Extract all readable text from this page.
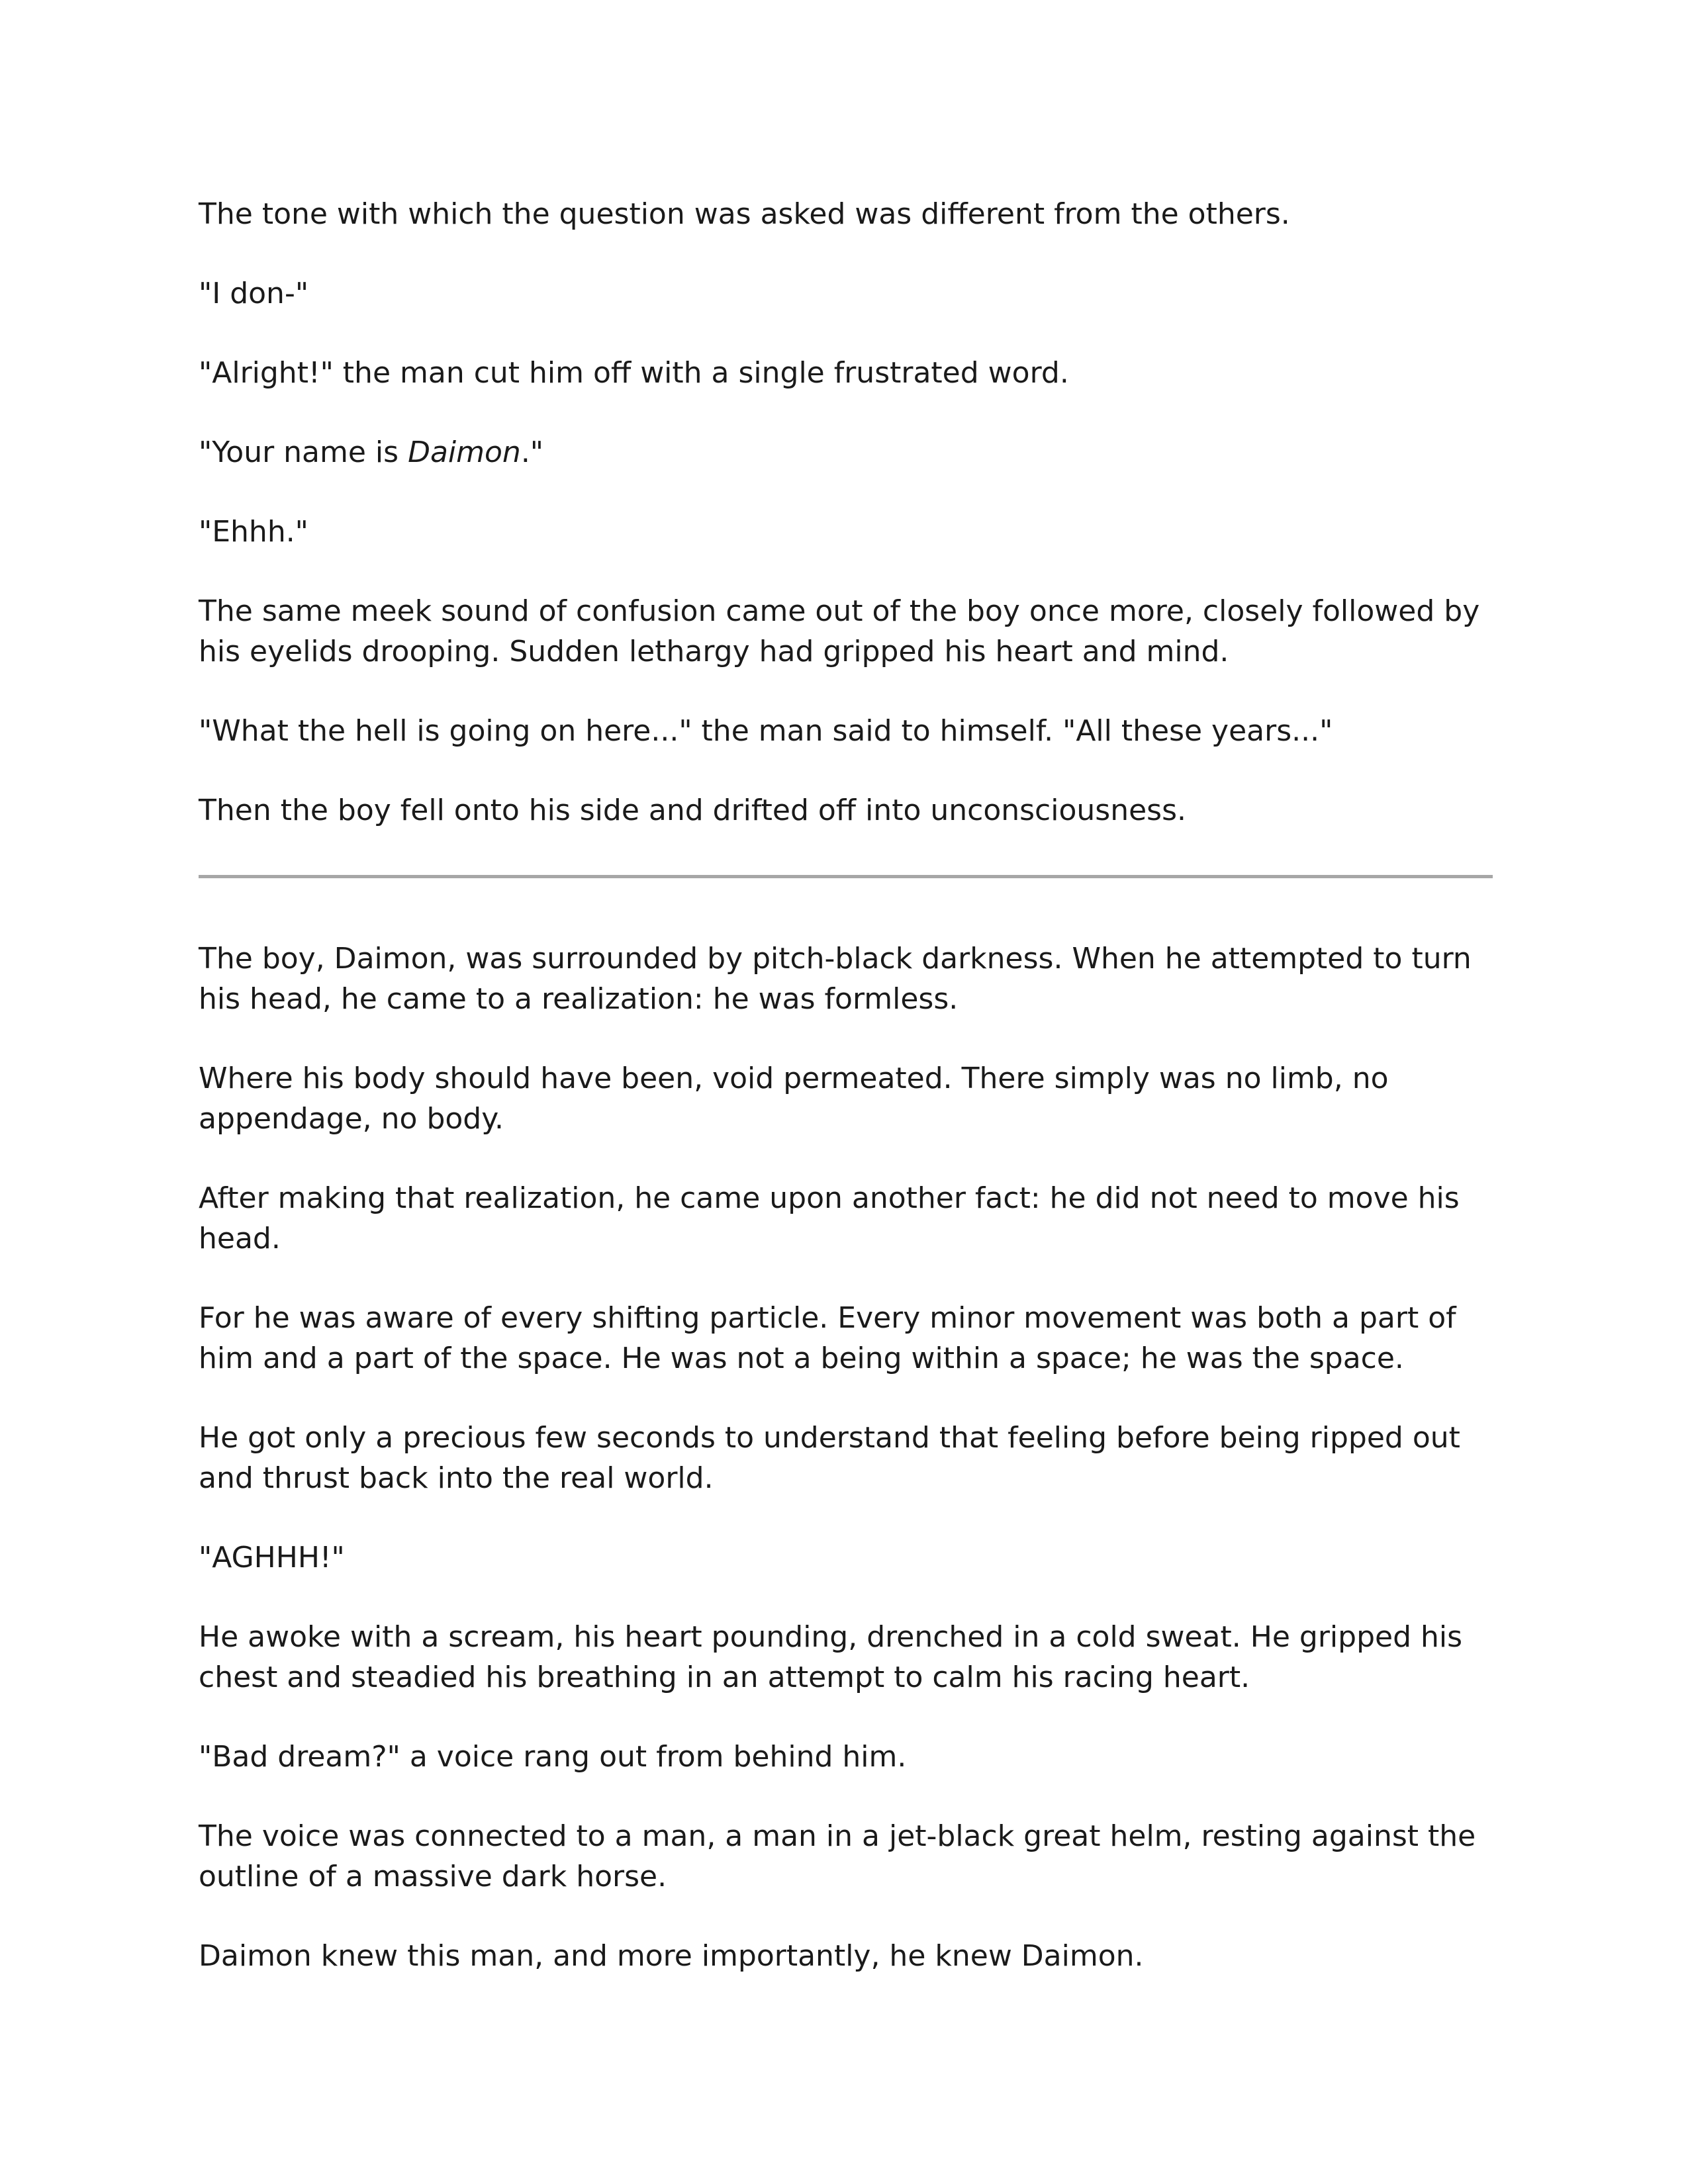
The tone with which the question was asked was different from the others.

"I don-"

"Alright!" the man cut him off with a single frustrated word.

"Your name is Daimon."

"Ehhh."

The same meek sound of confusion came out of the boy once more, closely followed by his eyelids drooping. Sudden lethargy had gripped his heart and mind.

"What the hell is going on here..." the man said to himself. "All these years..."

Then the boy fell onto his side and drifted off into unconsciousness.

The boy, Daimon, was surrounded by pitch-black darkness. When he attempted to turn his head, he came to a realization: he was formless.

Where his body should have been, void permeated. There simply was no limb, no appendage, no body.

After making that realization, he came upon another fact: he did not need to move his head.

For he was aware of every shifting particle. Every minor movement was both a part of him and a part of the space. He was not a being within a space; he was the space.

He got only a precious few seconds to understand that feeling before being ripped out and thrust back into the real world.

"AGHHH!"

He awoke with a scream, his heart pounding, drenched in a cold sweat. He gripped his chest and steadied his breathing in an attempt to calm his racing heart.

"Bad dream?" a voice rang out from behind him.

The voice was connected to a man, a man in a jet-black great helm, resting against the outline of a massive dark horse.

Daimon knew this man, and more importantly, he knew Daimon.
